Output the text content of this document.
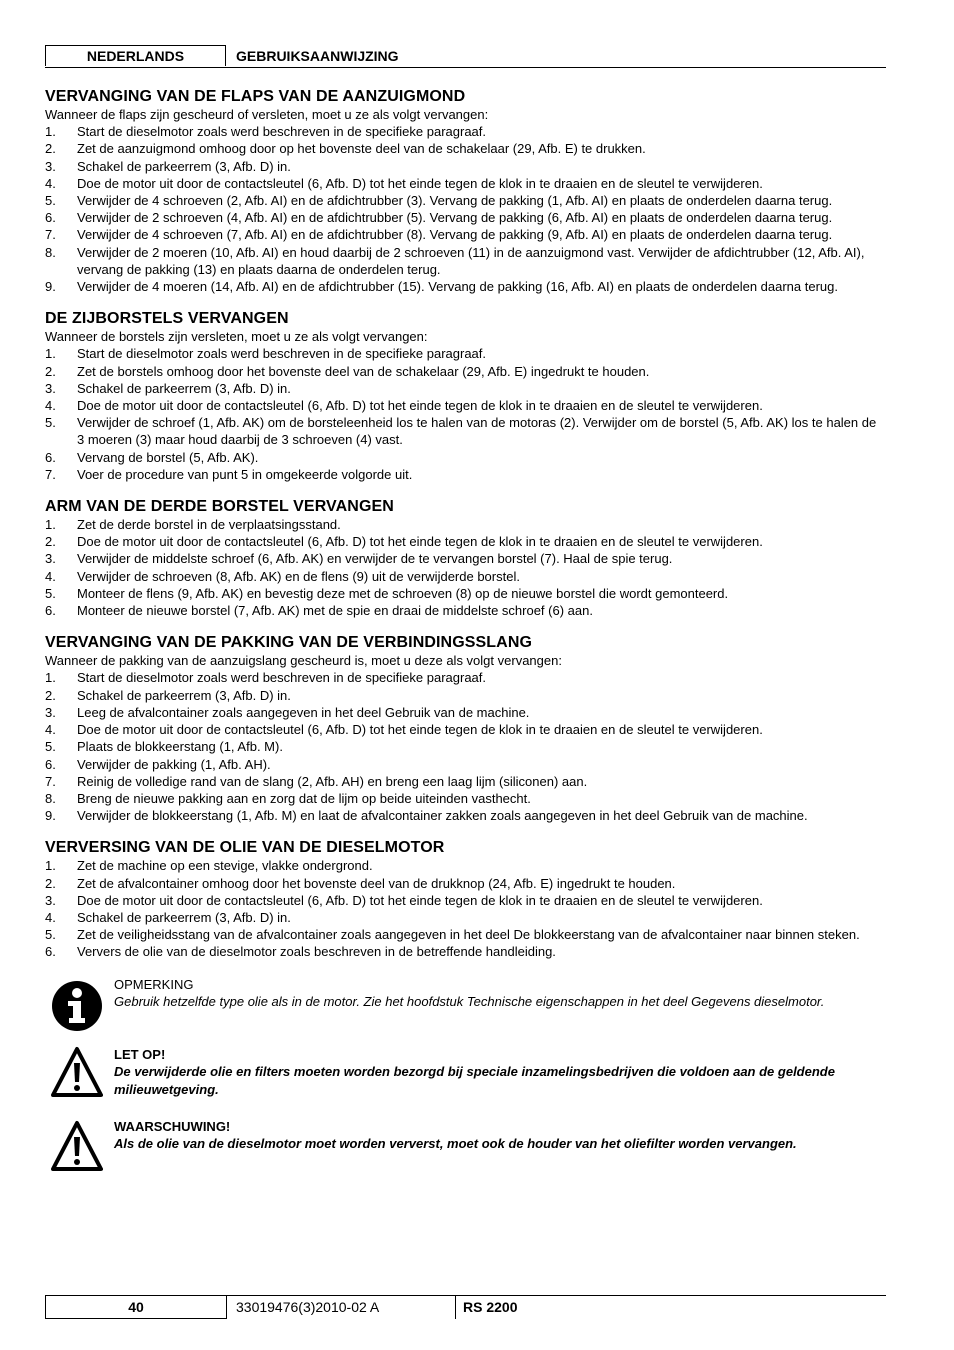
NEDERLANDS	GEBRUIKSAANWIJZING
VERVANGING VAN DE FLAPS VAN DE AANZUIGMOND

Wanneer de flaps zijn gescheurd of versleten, moet u ze als volgt vervangen:

1. Start de dieselmotor zoals werd beschreven in de specifieke paragraaf.
2. Zet de aanzuigmond omhoog door op het bovenste deel van de schakelaar (29, Afb. E) te drukken.
3. Schakel de parkeerrem (3, Afb. D) in.
4. Doe de motor uit door de contactsleutel (6, Afb. D) tot het einde tegen de klok in te draaien en de sleutel te verwijderen.
5. Verwijder de 4 schroeven (2, Afb. AI) en de afdichtrubber (3). Vervang de pakking (1, Afb. AI) en plaats de onderdelen daarna terug.
6. Verwijder de 2 schroeven (4, Afb. AI) en de afdichtrubber (5). Vervang de pakking (6, Afb. AI) en plaats de onderdelen daarna terug.
7. Verwijder de 4 schroeven (7, Afb. AI) en de afdichtrubber (8). Vervang de pakking (9, Afb. AI) en plaats de onderdelen daarna terug.
8. Verwijder de 2 moeren (10, Afb. AI) en houd daarbij de 2 schroeven (11) in de aanzuigmond vast. Verwijder de afdichtrubber (12, Afb. AI), vervang de pakking (13) en plaats daarna de onderdelen terug.
9. Verwijder de 4 moeren (14, Afb. AI) en de afdichtrubber (15). Vervang de pakking (16, Afb. AI) en plaats de onderdelen daarna terug.
DE ZIJBORSTELS VERVANGEN

Wanneer de borstels zijn versleten, moet u ze als volgt vervangen:

1. Start de dieselmotor zoals werd beschreven in de specifieke paragraaf.
2. Zet de borstels omhoog door het bovenste deel van de schakelaar (29, Afb. E) ingedrukt te houden.
3. Schakel de parkeerrem (3, Afb. D) in.
4. Doe de motor uit door de contactsleutel (6, Afb. D) tot het einde tegen de klok in te draaien en de sleutel te verwijderen.
5. Verwijder de schroef (1, Afb. AK) om de borsteleenheid los te halen van de motoras (2). Verwijder om de borstel (5, Afb. AK) los te halen de 3 moeren (3) maar houd daarbij de 3 schroeven (4) vast.
6. Vervang de borstel (5, Afb. AK).
7. Voer de procedure van punt 5 in omgekeerde volgorde uit.
ARM VAN DE DERDE BORSTEL VERVANGEN
1. Zet de derde borstel in de verplaatsingsstand.
2. Doe de motor uit door de contactsleutel (6, Afb. D) tot het einde tegen de klok in te draaien en de sleutel te verwijderen.
3. Verwijder de middelste schroef (6, Afb. AK) en verwijder de te vervangen borstel (7). Haal de spie terug.
4. Verwijder de schroeven (8, Afb. AK) en de flens (9) uit de verwijderde borstel.
5. Monteer de flens (9, Afb. AK) en bevestig deze met de schroeven (8) op de nieuwe borstel die wordt gemonteerd.
6. Monteer de nieuwe borstel (7, Afb. AK) met de spie en draai de middelste schroef (6) aan.
VERVANGING VAN DE PAKKING VAN DE VERBINDINGSSLANG

Wanneer de pakking van de aanzuigslang gescheurd is, moet u deze als volgt vervangen:

1. Start de dieselmotor zoals werd beschreven in de specifieke paragraaf.
2. Schakel de parkeerrem (3, Afb. D) in.
3. Leeg de afvalcontainer zoals aangegeven in het deel Gebruik van de machine.
4. Doe de motor uit door de contactsleutel (6, Afb. D) tot het einde tegen de klok in te draaien en de sleutel te verwijderen.
5. Plaats de blokkeerstang (1, Afb. M).
6. Verwijder de pakking (1, Afb. AH).
7. Reinig de volledige rand van de slang (2, Afb. AH) en breng een laag lijm (siliconen) aan.
8. Breng de nieuwe pakking aan en zorg dat de lijm op beide uiteinden vasthecht.
9. Verwijder de blokkeerstang (1, Afb. M) en laat de afvalcontainer zakken zoals aangegeven in het deel Gebruik van de machine.
VERVERSING VAN DE OLIE VAN DE DIESELMOTOR
1. Zet de machine op een stevige, vlakke ondergrond.
2. Zet de afvalcontainer omhoog door het bovenste deel van de drukknop (24, Afb. E) ingedrukt te houden.
3. Doe de motor uit door de contactsleutel (6, Afb. D) tot het einde tegen de klok in te draaien en de sleutel te verwijderen.
4. Schakel de parkeerrem (3, Afb. D) in.
5. Zet de veiligheidsstang van de afvalcontainer zoals aangegeven in het deel De blokkeerstang van de afvalcontainer naar binnen steken.
6. Ververs de olie van de dieselmotor zoals beschreven in de betreffende handleiding.
OPMERKING
Gebruik hetzelfde type olie als in de motor. Zie het hoofdstuk Technische eigenschappen in het deel Gegevens dieselmotor.
LET OP!
De verwijderde olie en filters moeten worden bezorgd bij speciale inzamelingsbedrijven die voldoen aan de geldende milieuwetgeving.
WAARSCHUWING!
Als de olie van de dieselmotor moet worden ververst, moet ook de houder van het oliefilter worden vervangen.
40	33019476(3)2010-02 A	RS 2200
